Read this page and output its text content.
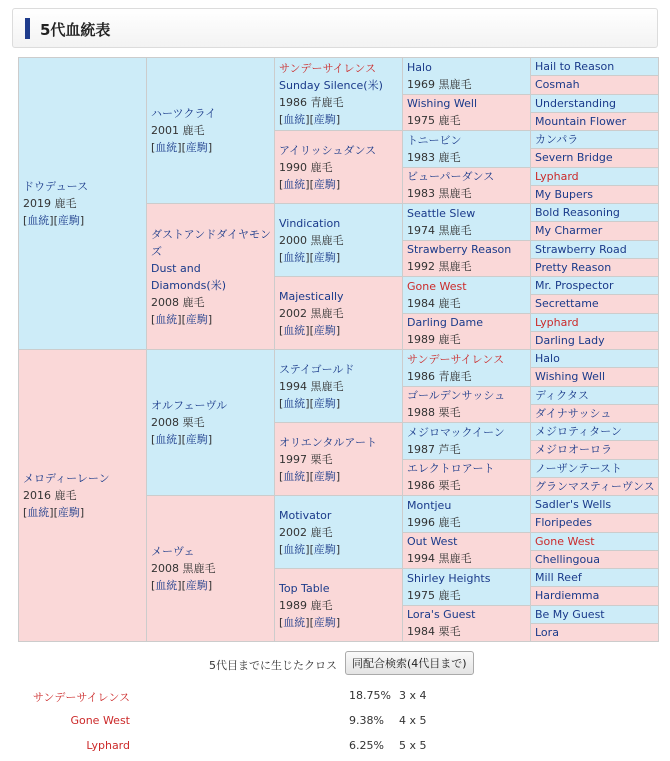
5代血統表
ドウデュース
2019 鹿毛
[血統][産駒]	ハーツクライ
2001 鹿毛
[血統][産駒]	サンデーサイレンス
Sunday Silence(米)
1986 青鹿毛
[血統][産駒]	Halo
1969 黒鹿毛	Hail to Reason

				Cosmah

			Wishing Well
1975 鹿毛	Understanding

				Mountain Flower

		アイリッシュダンス
1990 鹿毛
[血統][産駒]	トニービン
1983 鹿毛	カンパラ

				Severn Bridge

			ビューパーダンス
1983 黒鹿毛	Lyphard

				My Bupers

	ダストアンドダイヤモンズ
Dust and Diamonds(米)
2008 鹿毛
[血統][産駒]	Vindication
2000 黒鹿毛
[血統][産駒]	Seattle Slew
1974 黒鹿毛	Bold Reasoning

				My Charmer

			Strawberry Reason
1992 黒鹿毛	Strawberry Road

				Pretty Reason

		Majestically
2002 黒鹿毛
[血統][産駒]	Gone West
1984 鹿毛	Mr. Prospector

				Secrettame

			Darling Dame
1989 鹿毛	Lyphard

				Darling Lady

メロディーレーン
2016 鹿毛
[血統][産駒]	オルフェーヴル
2008 栗毛
[血統][産駒]	ステイゴールド
1994 黒鹿毛
[血統][産駒]	サンデーサイレンス
1986 青鹿毛	Halo

				Wishing Well

			ゴールデンサッシュ
1988 栗毛	ディクタス

				ダイナサッシュ

		オリエンタルアート
1997 栗毛
[血統][産駒]	メジロマックイーン
1987 芦毛	メジロティターン

				メジロオーロラ

			エレクトロアート
1986 栗毛	ノーザンテースト

				グランマスティーヴンス

	メーヴェ
2008 黒鹿毛
[血統][産駒]	Motivator
2002 鹿毛
[血統][産駒]	Montjeu
1996 鹿毛	Sadler's Wells

				Floripedes

			Out West
1994 黒鹿毛	Gone West

				Chellingoua

		Top Table
1989 鹿毛
[血統][産駒]	Shirley Heights
1975 鹿毛	Mill Reef

				Hardiemma

			Lora's Guest
1984 栗毛	Be My Guest

				Lora
5代目までに生じたクロス	同配合検索(4代目まで)
サンデーサイレンス	18.75% 3 x 4
Gone West	9.38% 4 x 5
Lyphard	6.25% 5 x 5
